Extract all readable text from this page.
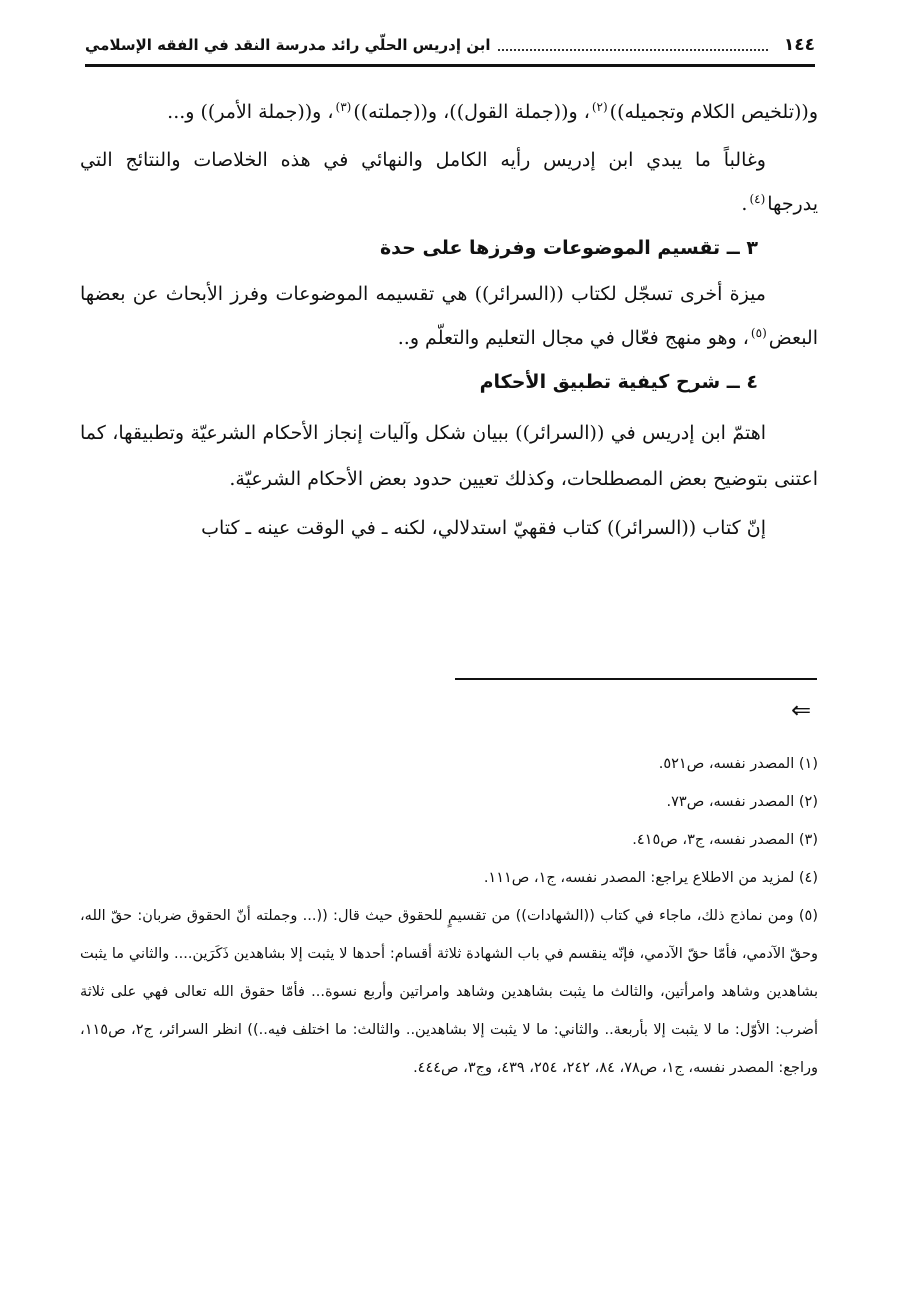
١٤٤
ابن إدريس الحلّي رائد مدرسة النقد في الفقه الإسلامي

و((تلخيص الكلام وتجميله))$^{(٢)}$، و((جملة القول))، و((جملته))$^{(٣)}$، و((جملة الأمر)) و...

وغالباً ما يبدي ابن إدريس رأيه الكامل والنهائي في هذه الخلاصات والنتائج التي يدرجها$^{(٤)}$.

٣ ــ تقسيم الموضوعات وفرزها على حدة

ميزة أخرى تسجّل لكتاب ((السرائر)) هي تقسيمه الموضوعات وفرز الأبحاث عن بعضها البعض$^{(٥)}$، وهو منهج فعّال في مجال التعليم والتعلّم و..

٤ ــ شرح كيفية تطبيق الأحكام

اهتمّ ابن إدريس في ((السرائر)) ببيان شكل وآليات إنجاز الأحكام الشرعيّة وتطبيقها، كما اعتنى بتوضيح بعض المصطلحات، وكذلك تعيين حدود بعض الأحكام الشرعيّة.

إنّ كتاب ((السرائر)) كتاب فقهيّ استدلالي، لكنه ـ في الوقت عينه ـ كتاب

⇐

(١) المصدر نفسه، ص٥٢١.

(٢) المصدر نفسه، ص٧٣.

(٣) المصدر نفسه، ج٣، ص٤١٥.

(٤) لمزيد من الاطلاع يراجع: المصدر نفسه، ج١، ص١١١.

(٥) ومن نماذج ذلك، ماجاء في كتاب ((الشهادات)) من تقسيمٍ للحقوق حيث قال: ((... وجملته أنّ الحقوق ضربان: حقّ الله، وحقّ الآدمي، فأمّا حقّ الآدمي، فإنّه ينقسم في باب الشهادة ثلاثة أقسام: أحدها لا يثبت إلا بشاهدين ذَكَرَين.... والثاني ما يثبت بشاهدين وشاهد وامرأتين، والثالث ما يثبت بشاهدين وشاهد وامراتين وأربع نسوة... فأمّا حقوق الله تعالى فهي على ثلاثة أضرب: الأوّل: ما لا يثبت إلا بأربعة.. والثاني: ما لا يثبت إلا بشاهدين.. والثالث: ما اختلف فيه..)) انظر السرائر، ج٢، ص١١٥، وراجع: المصدر نفسه، ج١، ص٧٨، ٨٤، ٢٤٢، ٢٥٤، ٤٣٩، وج٣، ص٤٤٤.
